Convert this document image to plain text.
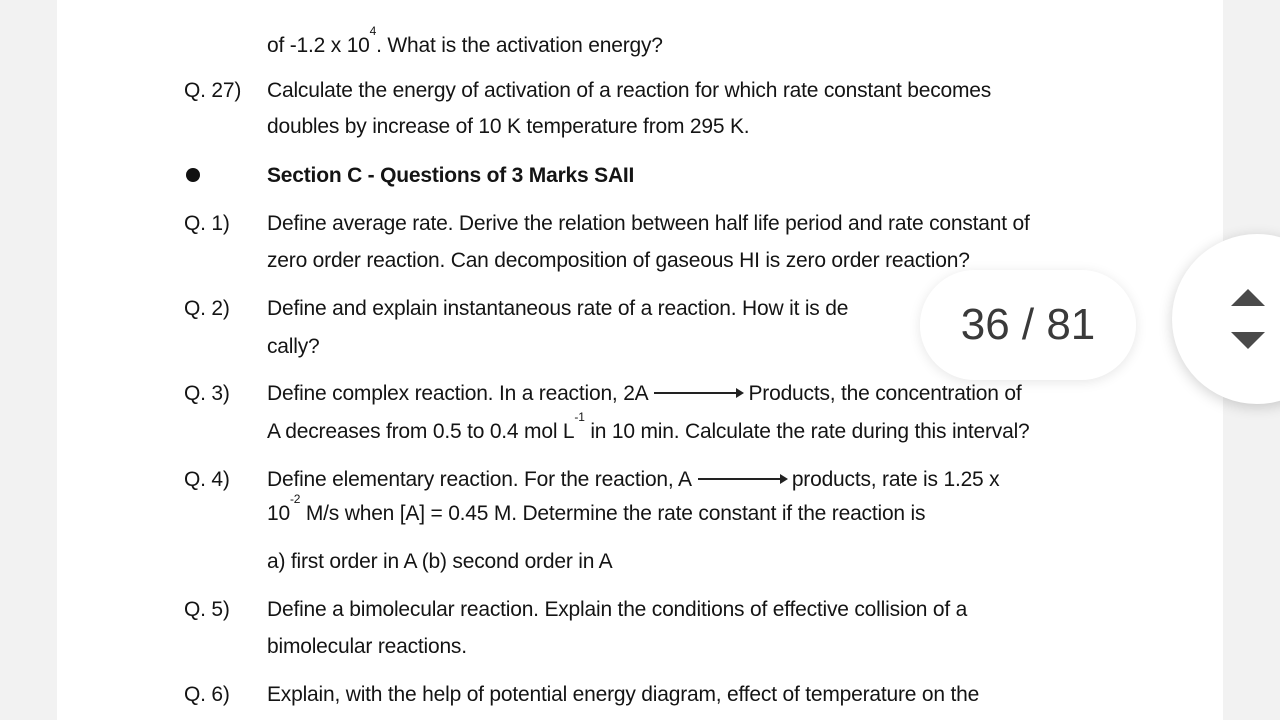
of -1.2 x $10^4$. What is the activation energy?
Q. 27) Calculate the energy of activation of a reaction for which rate constant becomes
doubles by increase of 10 K temperature from 295 K.
Section C - Questions of 3 Marks SAII
Q. 1) Define average rate. Derive the relation between half life period and rate constant of
zero order reaction. Can decomposition of gaseous HI is zero order reaction?
Q. 2) Define and explain instantaneous rate of a reaction. How it is de
cally?
Q. 3) Define complex reaction. In a reaction, 2A	Products, the concentration of
A decreases from 0.5 to 0.4 mol $L^{-1}$ in 10 min. Calculate the rate during this interval?
Q. 4) Define elementary reaction. For the reaction, A	products, rate is 1.25 x
$10^{-2}$ M/s when [A] = 0.45 M. Determine the rate constant if the reaction is
a) first order in A (b) second order in A
Q. 5) Define a bimolecular reaction. Explain the conditions of effective collision of a
bimolecular reactions.
Q. 6) Explain, with the help of potential energy diagram, effect of temperature on the
36 / 81
